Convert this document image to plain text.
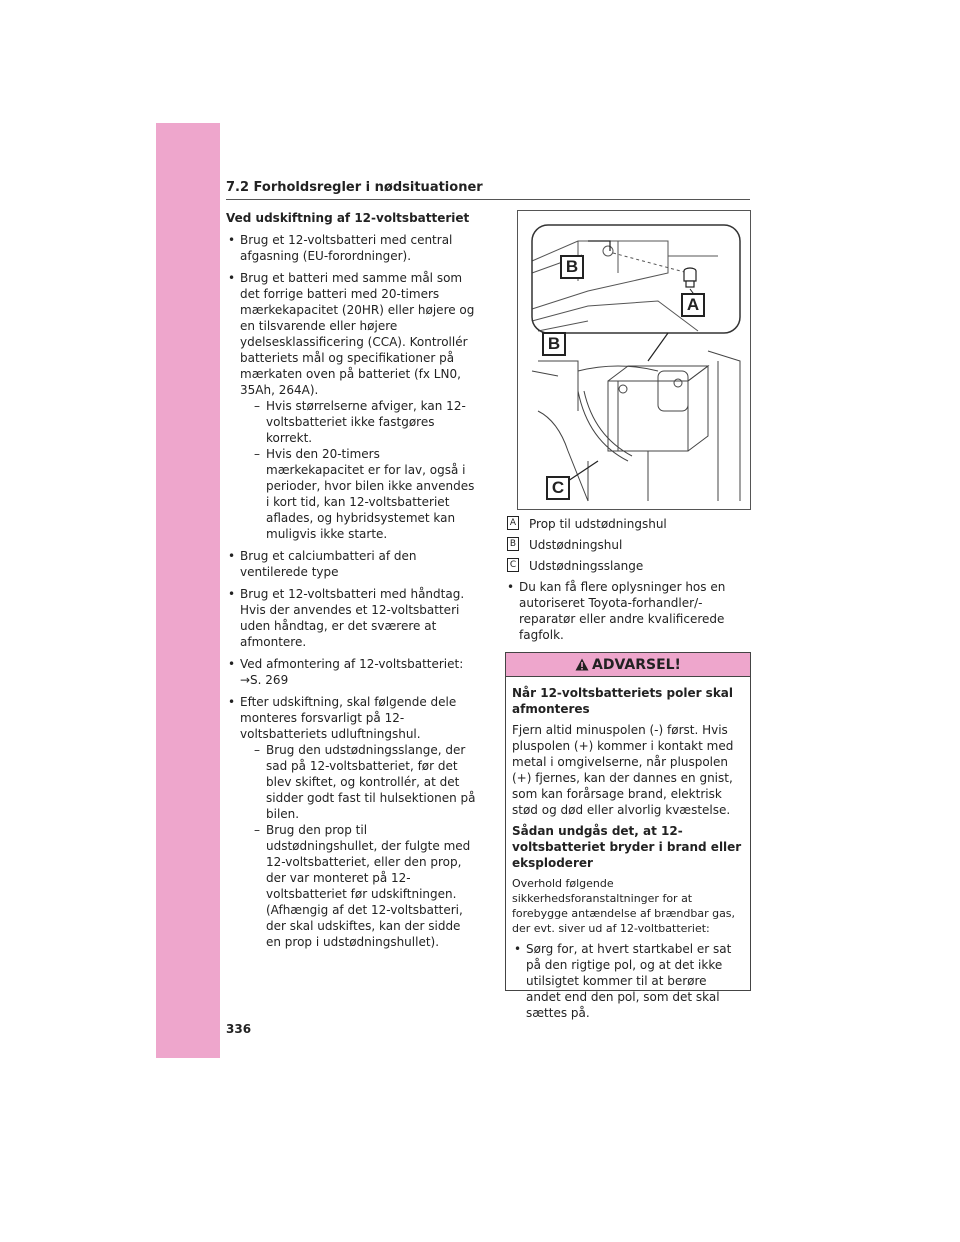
7.2 Forholdsregler i nødsituationer

Ved udskiftning af 12-voltsbatteriet

• Brug et 12-voltsbatteri med central afgasning (EU-forordninger).
• Brug et batteri med samme mål som det forrige batteri med 20-timers mærkekapacitet (20HR) eller højere og en tilsvarende eller højere ydelsesklassificering (CCA). Kontrollér batteriets mål og specifikationer på mærkaten oven på batteriet (fx LN0, 35Ah, 264A).
– Hvis størrelserne afviger, kan 12-voltsbatteriet ikke fastgøres korrekt.
– Hvis den 20-timers mærkekapacitet er for lav, også i perioder, hvor bilen ikke anvendes i kort tid, kan 12-voltsbatteriet aflades, og hybridsystemet kan muligvis ikke starte.
• Brug et calciumbatteri af den ventilerede type
• Brug et 12-voltsbatteri med håndtag. Hvis der anvendes et 12-voltsbatteri uden håndtag, er det sværere at afmontere.
• Ved afmontering af 12-voltsbatteriet:
→S. 269
• Efter udskiftning, skal følgende dele monteres forsvarligt på 12-voltsbatteriets udluftningshul.
– Brug den udstødningsslange, der sad på 12-voltsbatteriet, før det blev skiftet, og kontrollér, at det sidder godt fast til hulsektionen på bilen.
– Brug den prop til udstødningshullet, der fulgte med 12-voltsbatteriet, eller den prop, der var monteret på 12-voltsbatteriet før udskiftningen. (Afhængig af det 12-voltsbatteri, der skal udskiftes, kan der sidde en prop i udstødningshullet).
B
A
B
C
A Prop til udstødningshul
B Udstødningshul
C Udstødningsslange
• Du kan få flere oplysninger hos en autoriseret Toyota-forhandler/-reparatør eller andre kvalificerede fagfolk.
ADVARSEL!

Når 12-voltsbatteriets poler skal afmonteres

Fjern altid minuspolen (-) først. Hvis pluspolen (+) kommer i kontakt med metal i omgivelserne, når pluspolen (+) fjernes, kan der dannes en gnist, som kan forårsage brand, elektrisk stød og død eller alvorlig kvæstelse.

Sådan undgås det, at 12-voltsbatteriet bryder i brand eller eksploderer

Overhold følgende sikkerhedsforanstaltninger for at forebygge antændelse af brændbar gas, der evt. siver ud af 12-voltbatteriet:

• Sørg for, at hvert startkabel er sat på den rigtige pol, og at det ikke utilsigtet kommer til at berøre andet end den pol, som det skal sættes på.
336
